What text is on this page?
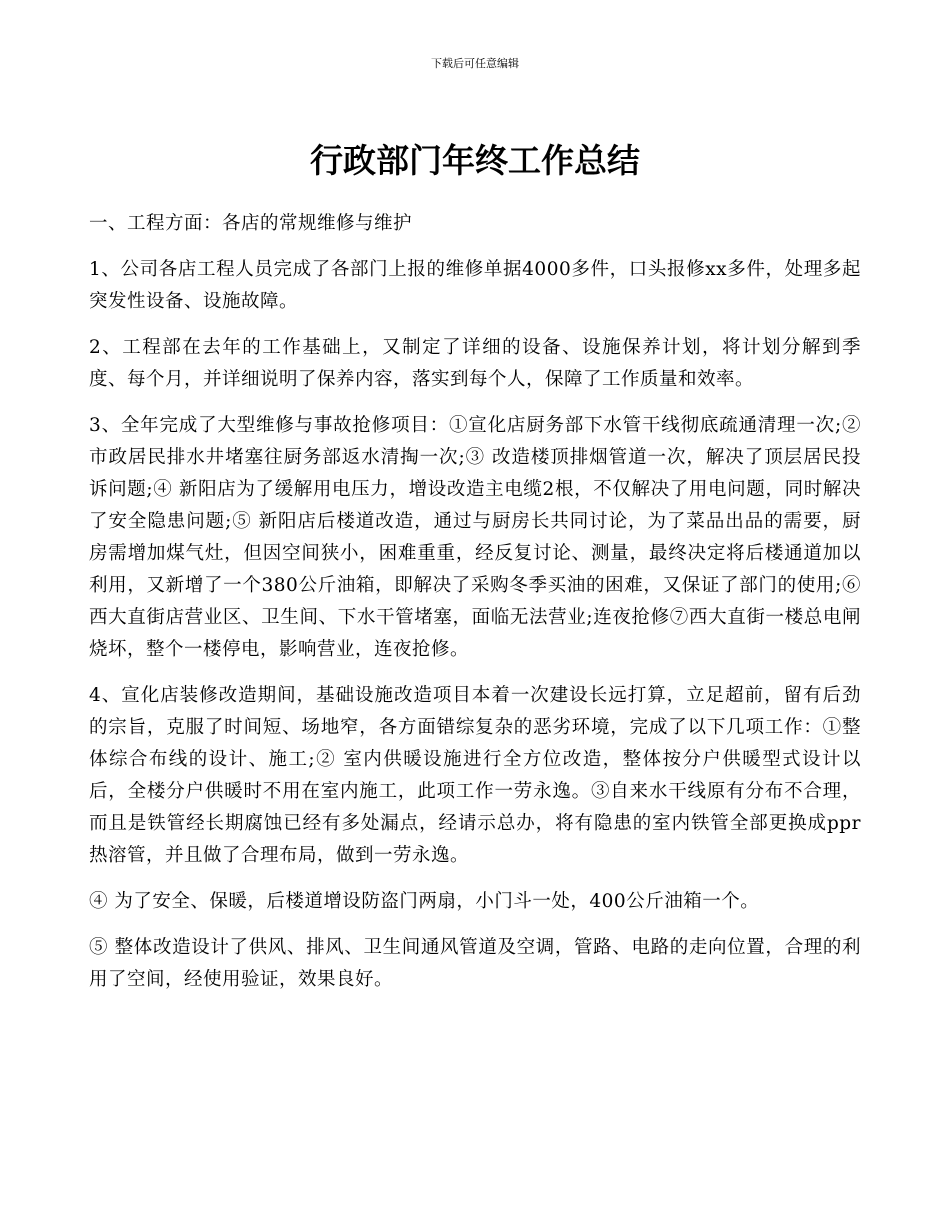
下载后可任意编辑
行政部门年终工作总结

一、工程方面：各店的常规维修与维护

1、公司各店工程人员完成了各部门上报的维修单据4000多件，口头报修xx多件，处理多起突发性设备、设施故障。

2、工程部在去年的工作基础上，又制定了详细的设备、设施保养计划，将计划分解到季度、每个月，并详细说明了保养内容，落实到每个人，保障了工作质量和效率。

3、全年完成了大型维修与事故抢修项目：①宣化店厨务部下水管干线彻底疏通清理一次;② 市政居民排水井堵塞往厨务部返水清掏一次;③ 改造楼顶排烟管道一次，解决了顶层居民投诉问题;④ 新阳店为了缓解用电压力，增设改造主电缆2根，不仅解决了用电问题，同时解决了安全隐患问题;⑤ 新阳店后楼道改造，通过与厨房长共同讨论，为了菜品出品的需要，厨房需增加煤气灶，但因空间狭小，困难重重，经反复讨论、测量，最终决定将后楼通道加以利用，又新增了一个380公斤油箱，即解决了采购冬季买油的困难，又保证了部门的使用;⑥ 西大直街店营业区、卫生间、下水干管堵塞，面临无法营业;连夜抢修⑦西大直街一楼总电闸烧坏，整个一楼停电，影响营业，连夜抢修。

4、宣化店装修改造期间，基础设施改造项目本着一次建设长远打算，立足超前，留有后劲的宗旨，克服了时间短、场地窄，各方面错综复杂的恶劣环境，完成了以下几项工作：①整体综合布线的设计、施工;② 室内供暖设施进行全方位改造，整体按分户供暖型式设计以后，全楼分户供暖时不用在室内施工，此项工作一劳永逸。③自来水干线原有分布不合理，而且是铁管经长期腐蚀已经有多处漏点，经请示总办，将有隐患的室内铁管全部更换成ppr热溶管，并且做了合理布局，做到一劳永逸。

④ 为了安全、保暖，后楼道增设防盗门两扇，小门斗一处，400公斤油箱一个。

⑤ 整体改造设计了供风、排风、卫生间通风管道及空调，管路、电路的走向位置，合理的利用了空间，经使用验证，效果良好。
